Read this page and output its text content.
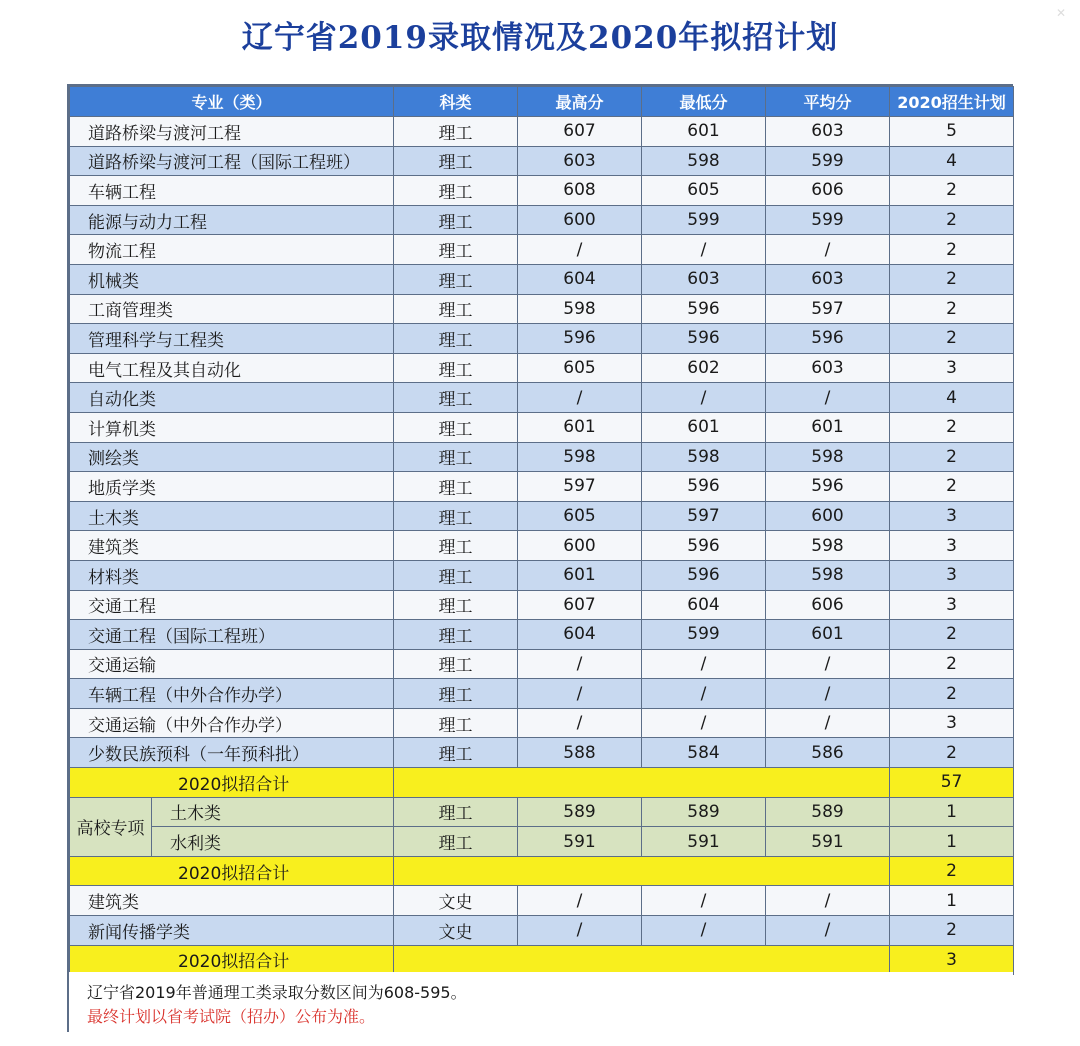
辽宁省2019录取情况及2020年拟招计划
✕
专业（类）		科类	最高分	最低分	平均分	2020招生计划
道路桥梁与渡河工程		理工	607	601	603	5
道路桥梁与渡河工程（国际工程班）		理工	603	598	599	4
车辆工程		理工	608	605	606	2
能源与动力工程		理工	600	599	599	2
物流工程		理工	/	/	/	2
机械类		理工	604	603	603	2
工商管理类		理工	598	596	597	2
管理科学与工程类		理工	596	596	596	2
电气工程及其自动化		理工	605	602	603	3
自动化类		理工	/	/	/	4
计算机类		理工	601	601	601	2
测绘类		理工	598	598	598	2
地质学类		理工	597	596	596	2
土木类		理工	605	597	600	3
建筑类		理工	600	596	598	3
材料类		理工	601	596	598	3
交通工程		理工	607	604	606	3
交通工程（国际工程班）		理工	604	599	601	2
交通运输		理工	/	/	/	2
车辆工程（中外合作办学）		理工	/	/	/	2
交通运输（中外合作办学）		理工	/	/	/	3
少数民族预科（一年预科批）		理工	588	584	586	2
2020拟招合计						57
高校专项	土木类	理工	589	589	589	1
	水利类	理工	591	591	591	1
2020拟招合计						2
建筑类		文史	/	/	/	1
新闻传播学类		文史	/	/	/	2
2020拟招合计						3
辽宁省2019年普通理工类录取分数区间为608-595。
最终计划以省考试院（招办）公布为准。
